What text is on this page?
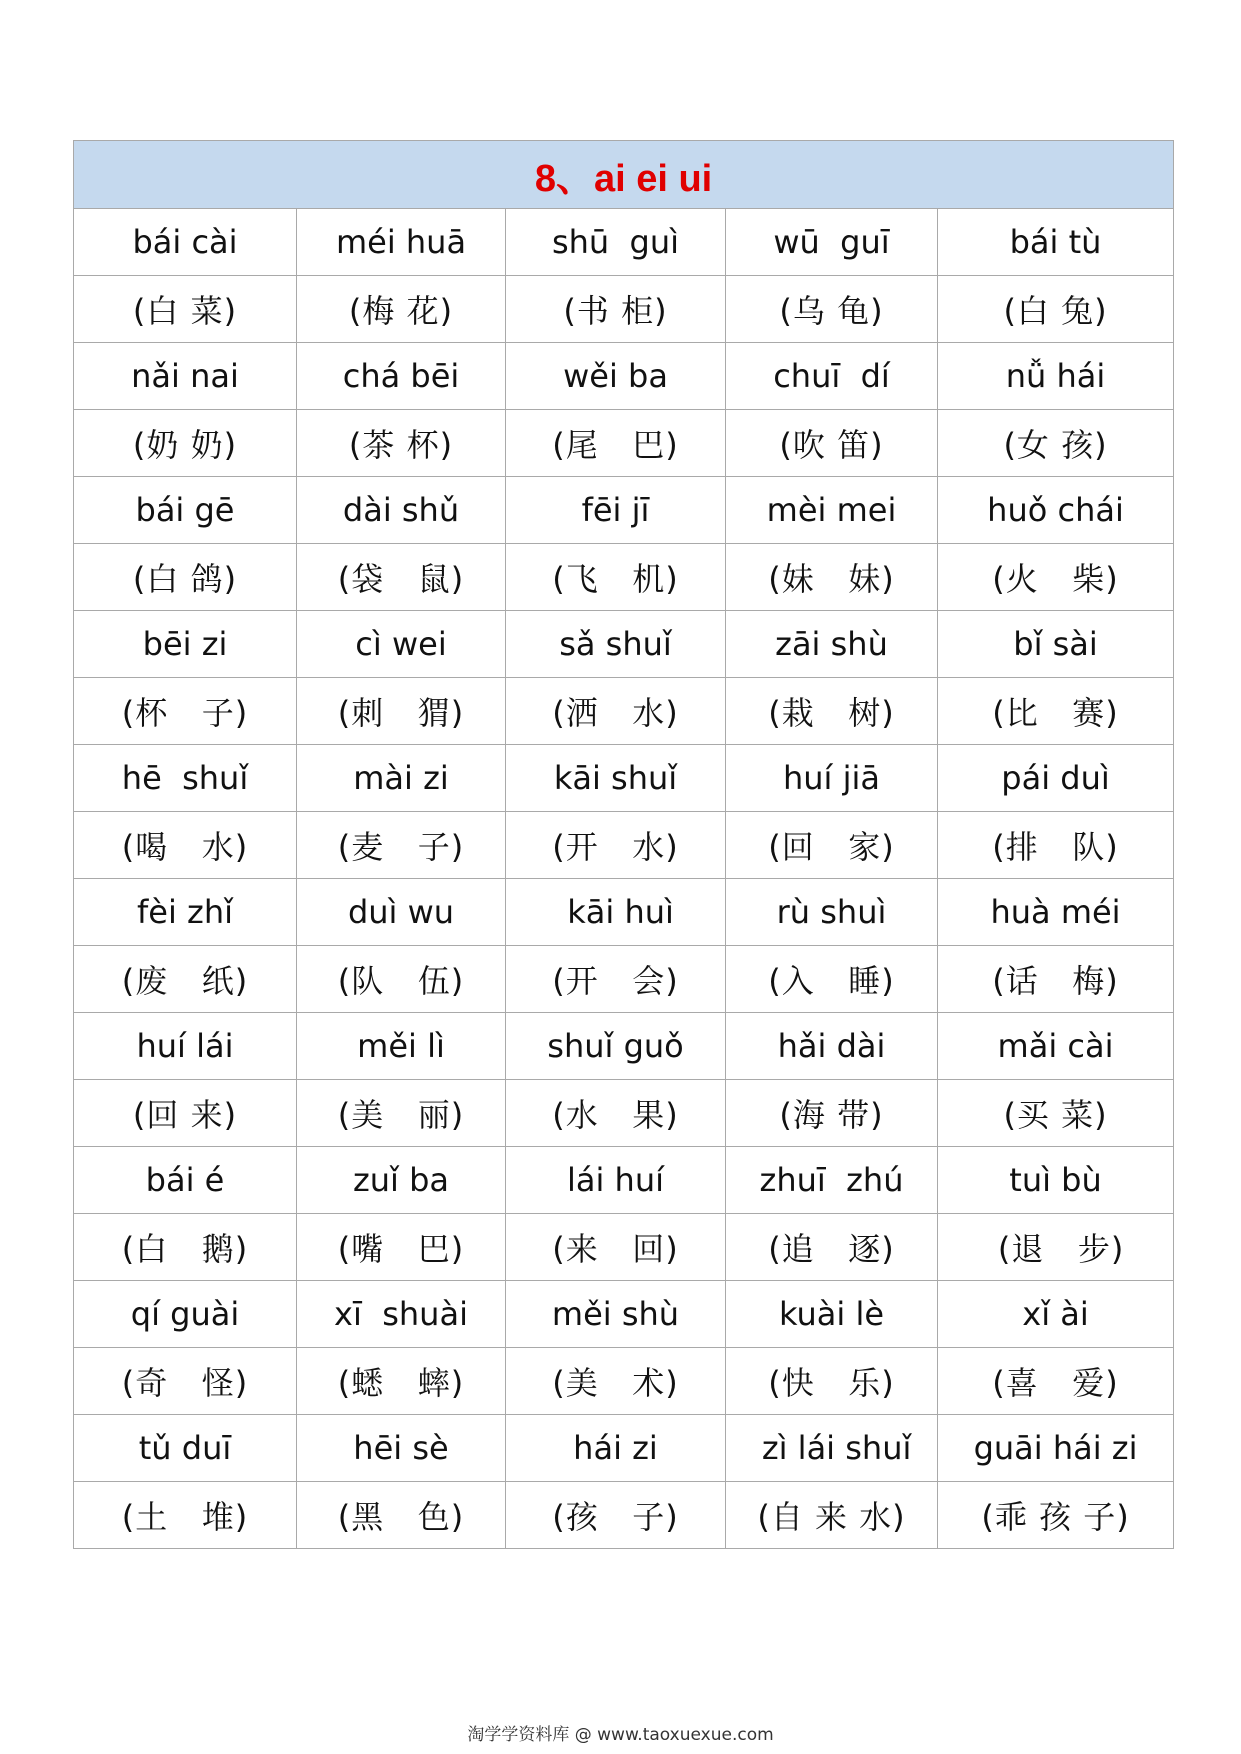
8、ai ei ui				
bái cài	méi huā	shū  guì	wū  guī	bái tù
(白 菜)	(梅 花)	(书 柜)	(乌 龟)	(白 兔)
nǎi nai	chá bēi	wěi ba	chuī  dí	nǚ hái
(奶 奶)	(茶 杯)	(尾   巴)	(吹 笛)	(女 孩)
bái gē	dài shǔ	fēi jī	mèi mei	huǒ chái
(白 鸽)	(袋   鼠)	(飞   机)	(妹   妹)	(火   柴)
bēi zi	cì wei	sǎ shuǐ	zāi shù	bǐ sài
(杯   子)	(刺   猬)	(洒   水)	(栽   树)	(比   赛)
hē  shuǐ	mài zi	kāi shuǐ	huí jiā	pái duì
(喝   水)	(麦   子)	(开   水)	(回   家)	(排   队)
fèi zhǐ	duì wu	kāi huì	rù shuì	huà méi
(废   纸)	(队   伍)	(开   会)	(入   睡)	(话   梅)
huí lái	měi lì	shuǐ guǒ	hǎi dài	mǎi cài
(回 来)	(美   丽)	(水   果)	(海 带)	(买 菜)
bái é	zuǐ ba	lái huí	zhuī  zhú	tuì bù
(白   鹅)	(嘴   巴)	(来   回)	(追   逐)	(退   步)
qí guài	xī  shuài	měi shù	kuài lè	xǐ ài
(奇   怪)	(蟋   蟀)	(美   术)	(快   乐)	(喜   爱)
tǔ duī	hēi sè	hái zi	zì lái shuǐ	guāi hái zi
(土   堆)	(黑   色)	(孩   子)	(自 来 水)	(乖 孩 子)
淘学学资料库 @ www.taoxuexue.com
